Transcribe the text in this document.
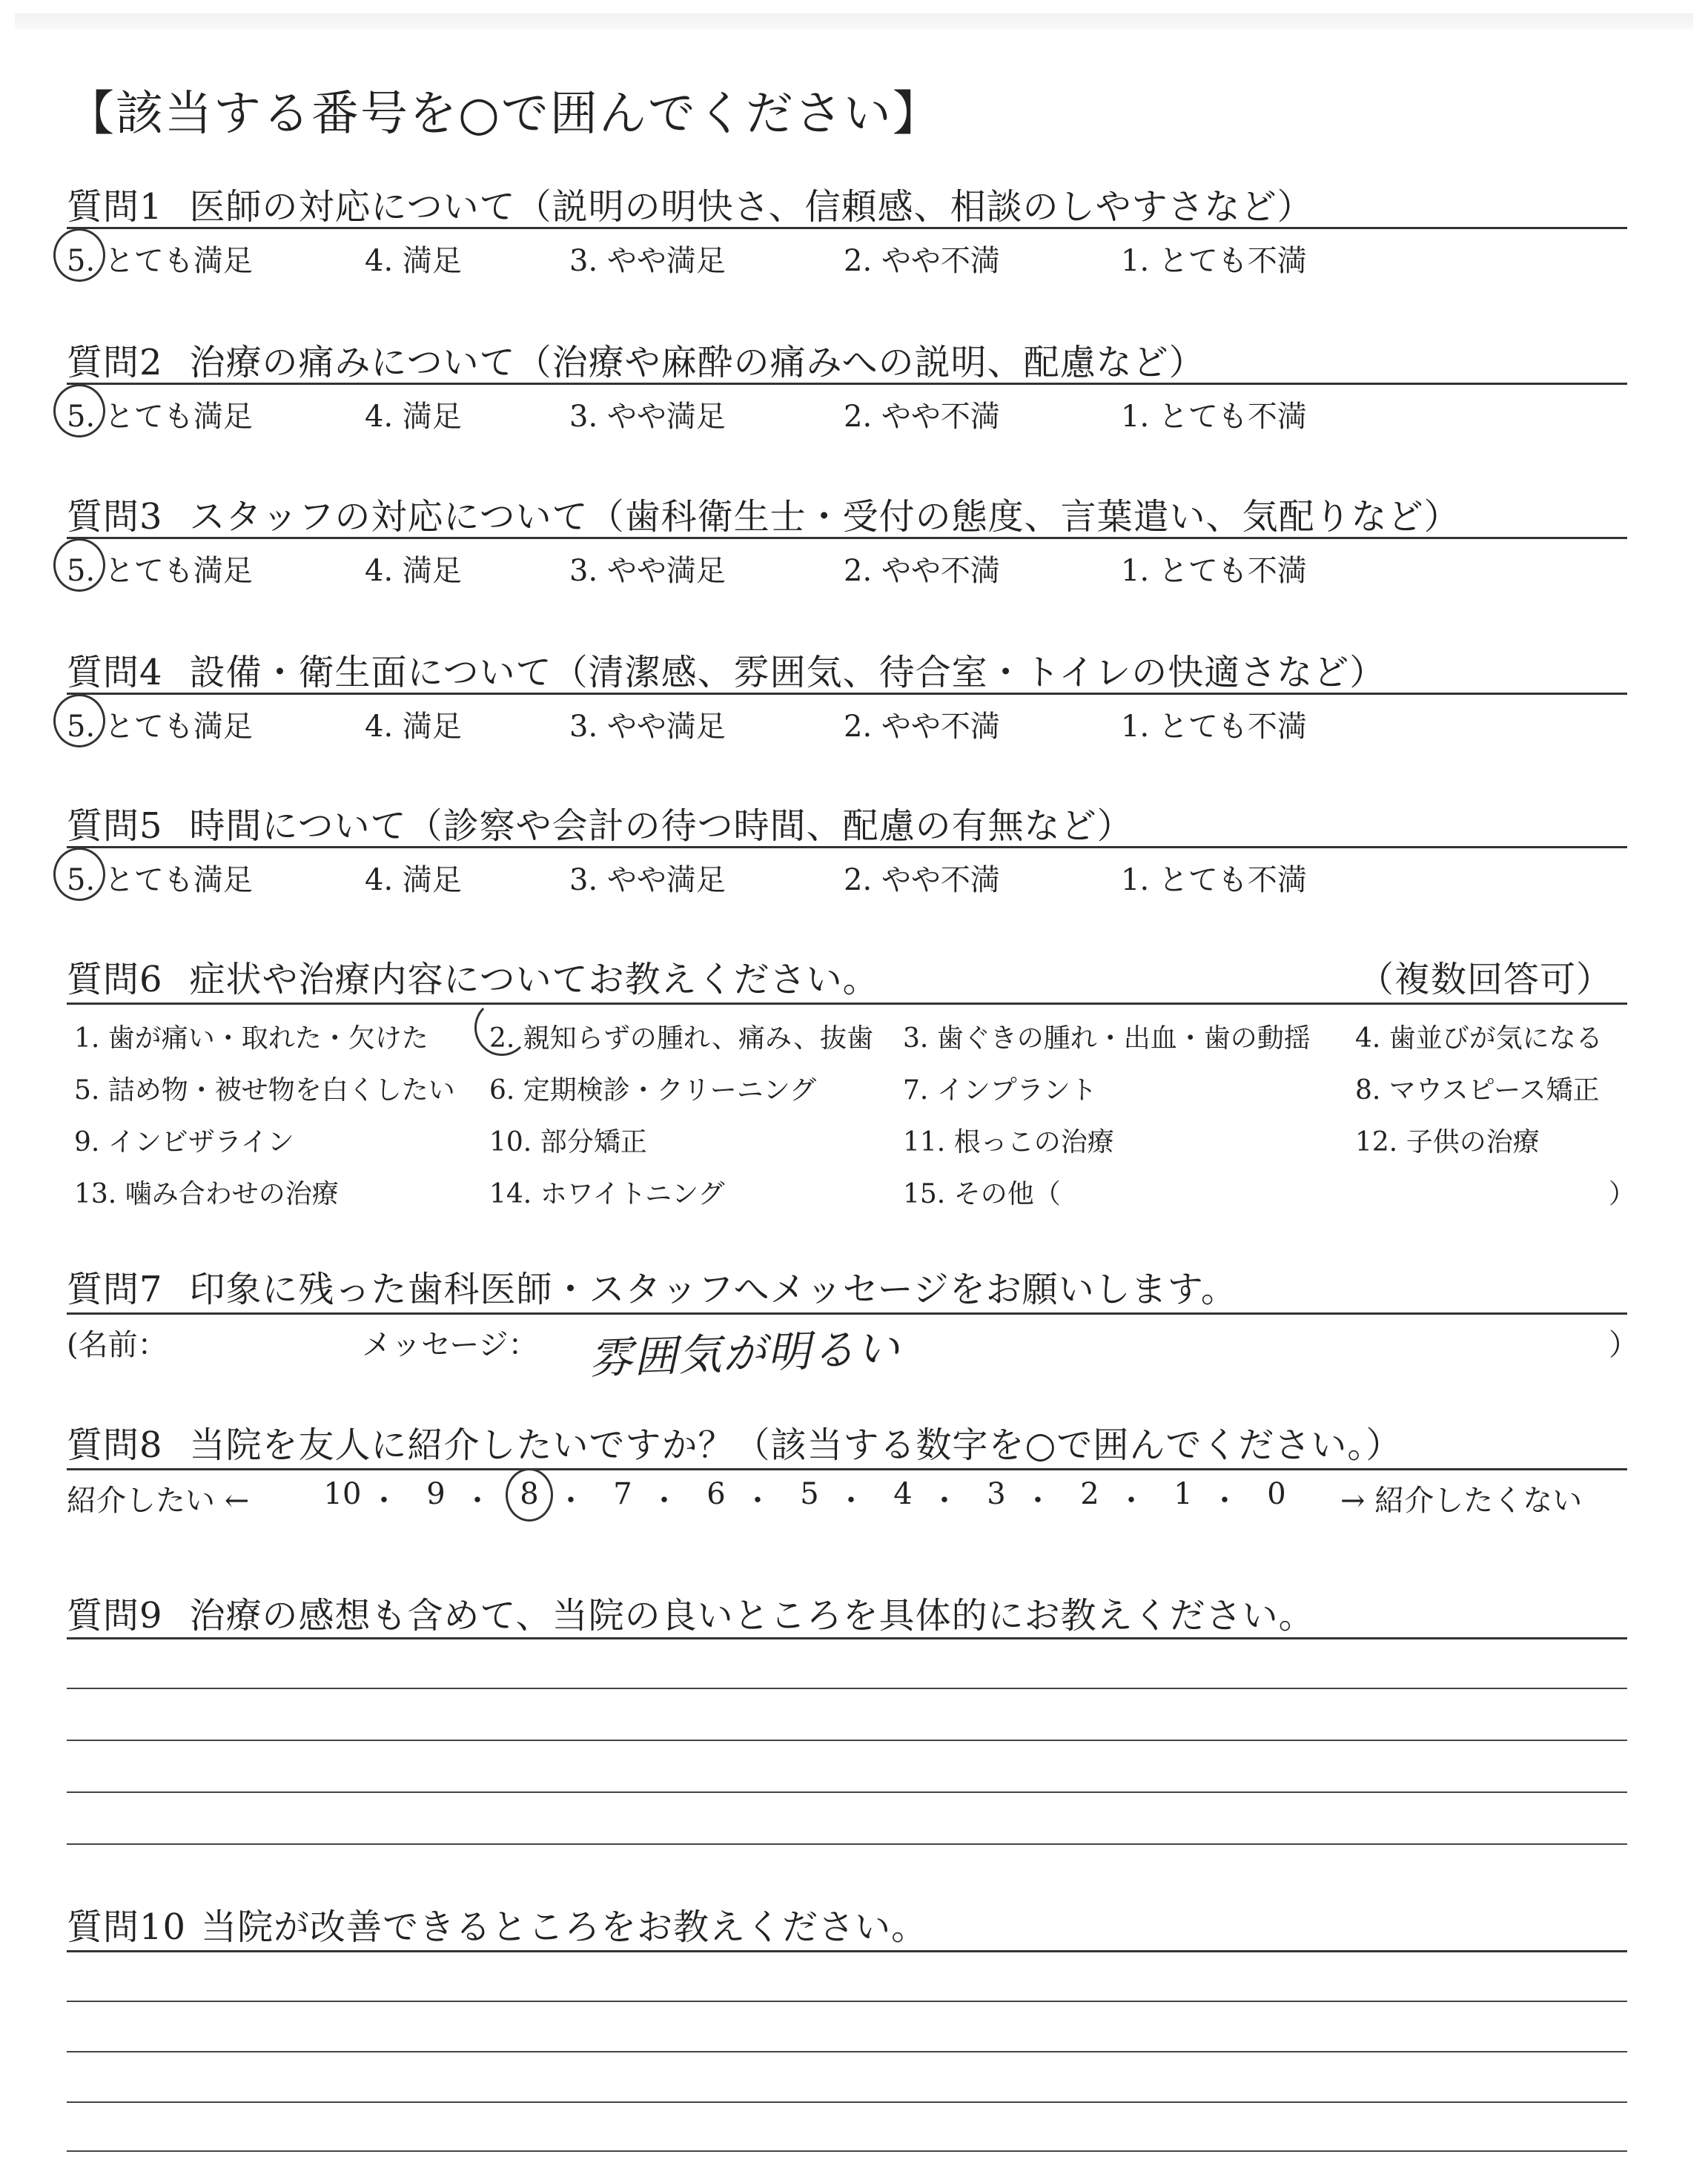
【該当する番号を○で囲んでください】
質問1 医師の対応について（説明の明快さ、信頼感、相談のしやすさなど）
5. とても満足	4. 満足	3. やや満足	2. やや不満	1. とても不満
質問2 治療の痛みについて（治療や麻酔の痛みへの説明、配慮など）
5. とても満足	4. 満足	3. やや満足	2. やや不満	1. とても不満
質問3 スタッフの対応について（歯科衛生士・受付の態度、言葉遣い、気配りなど）
5. とても満足	4. 満足	3. やや満足	2. やや不満	1. とても不満
質問4 設備・衛生面について（清潔感、雰囲気、待合室・トイレの快適さなど）
5. とても満足	4. 満足	3. やや満足	2. やや不満	1. とても不満
質問5 時間について（診察や会計の待つ時間、配慮の有無など）
5. とても満足	4. 満足	3. やや満足	2. やや不満	1. とても不満
質問6 症状や治療内容についてお教えください。	（複数回答可）
1. 歯が痛い・取れた・欠けた 2. 親知らずの腫れ、痛み、抜歯 3. 歯ぐきの腫れ・出血・歯の動揺 4. 歯並びが気になる
5. 詰め物・被せ物を白くしたい 6. 定期検診・クリーニング	7. インプラント	8. マウスピース矯正
9. インビザライン	10. 部分矯正	11. 根っこの治療	12. 子供の治療
13. 噛み合わせの治療	14. ホワイトニング	15. その他（	）
質問7 印象に残った歯科医師・スタッフへメッセージをお願いします。
(名前：	メッセージ： 雰囲気が明るい	）
質問8 当院を友人に紹介したいですか？（該当する数字を○で囲んでください。）
紹介したい ←	10 ・ 9 ・ 8 ・ 7 ・ 6 ・ 5 ・ 4 ・ 3 ・ 2 ・ 1 ・ 0	→ 紹介したくない
質問9 治療の感想も含めて、当院の良いところを具体的にお教えください。
質問10 当院が改善できるところをお教えください。
